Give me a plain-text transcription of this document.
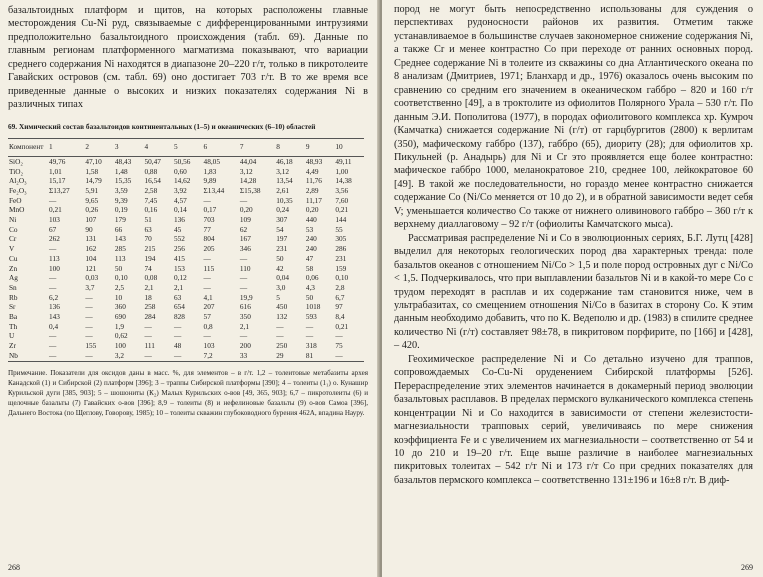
базальтоидных платформ и щитов, на которых расположены главные месторождения Cu-Ni руд, связываемые с дифференцированными интрузиями предположительно базальтоидного происхождения (табл. 69). Данные по главным регионам платформенного магматизма показывают, что вариации среднего содержания Ni находятся в диапазоне 20–220 г/т, только в пикротолеите Гавайских островов (см. табл. 69) оно достигает 703 г/т. В то же время все приведенные данные о высоких и низких показателях содержания Ni в различных типах

69. Химический состав базальтоидов континентальных (1–5) и океанических (6–10) областей
Компонент	1	2	3	4	5	6	7	8	9	10
SiO₂	49,76	47,10	48,43	50,47	50,56	48,05	44,04	46,18	48,93	49,11
TiO₂	1,01	1,58	1,48	0,88	0,60	1,83	3,12	3,12	4,49	1,00
Al₂O₃	15,17	14,79	15,35	16,54	14,62	9,89	14,28	13,54	11,76	14,38
Fe₂O₃	Σ13,27	5,91	3,59	2,58	3,92	Σ13,44	Σ15,38	2,61	2,89	3,56
FeO	—	9,65	9,39	7,45	4,57	—	—	10,35	11,17	7,60
MnO	0,21	0,26	0,19	0,16	0,14	0,17	0,20	0,24	0,20	0,21
Ni	103	107	179	51	136	703	109	307	440	144
Co	67	90	66	63	45	77	62	54	53	55
Cr	262	131	143	70	552	804	167	197	240	305
V	—	162	285	215	256	205	346	231	240	286
Cu	113	104	113	194	415	—	—	50	47	231
Zn	100	121	50	74	153	115	110	42	58	159
Ag	—	0,03	0,10	0,08	0,12	—	—	0,04	0,06	0,10
Sn	—	3,7	2,5	2,1	2,1	—	—	3,0	4,3	2,8
Rb	6,2	—	10	18	63	4,1	19,9	5	50	6,7
Sr	136	—	360	258	654	207	616	450	1018	97
Ba	143	—	690	284	828	57	350	132	593	8,4
Th	0,4	—	1,9	—	—	0,8	2,1	—	—	0,21
U	—	—	0,62	—	—	—	—	—	—	—
Zr	—	155	100	111	48	103	200	250	318	75
Nb	—	—	3,2	—	—	7,2	33	29	81	—

Примечание. Показатели для оксидов даны в масс. %, для элементов – в г/т. 1,2 – толеитовые метабазиты архея Канадской (1) и Сибирской (2) платформ [396]; 3 – траппы Сибирской платформы [390]; 4 – толеиты (1₁) о. Кунашир Курильской дуги [385, 903]; 5 – шошониты (К₂) Малых Курильских о-вов [49, 365, 903]; 6,7 – пикротолеиты (6) и щелочные базальты (7) Гавайских о-вов [396]; 8,9 – толеиты (8) и нефелиновые базальты (9) о-вов Самоа [396], Дальнего Востока (по Щеглову, Говорову, 1985); 10 – толеиты скважин глубоководного бурения 462А, впадина Науру.

268

пород не могут быть непосредственно использованы для суждения о перспективах рудоносности районов их развития. Отметим также устанавливаемое в большинстве случаев закономерное снижение содержания Ni, а также Cr и менее контрастно Co при переходе от ранних основных пород. Среднее содержание Ni в толеите из скважины со дна Атлантического океана по 8 анализам (Дмитриев, 1971; Бланхард и др., 1976) оказалось очень высоким по сравнению со средним его значением в океаническом габбро – 820 и 160 г/т соответственно [49], а в троктолите из офиолитов Полярного Урала – 530 г/т. По данным Э.И. Пополитова (1977), в породах офиолитового комплекса хр. Кумроч (Камчатка) снижается содержание Ni (г/т) от гарцбургитов (2800) к верлитам (350), мафическому габбро (137), габбро (65), диориту (28); для офиолитов хр. Пикульней (р. Анадырь) для Ni и Cr это проявляется еще более контрастно: мафическое габбро 1000, меланократовое 210, среднее 100, лейкократовое 60 [49]. В такой же последовательности, но гораздо менее контрастно снижается содержание Co (Ni/Co меняется от 10 до 2), и в обратной зависимости ведет себя V; уменьшается количество Co также от нижнего оливинового габбро – 360 г/т к верхнему диаллаговому – 92 г/т (офиолиты Камчатского мыса).
Рассматривая распределение Ni и Co в эволюционных сериях, Б.Г. Лутц [428] выделил для некоторых геологических пород два характерных тренда: поле базальтов океанов с отношением Ni/Co > 1,5 и поле пород островных дуг с Ni/Co < 1,5. Подчеркивалось, что при выплавлении базальтов Ni и в какой-то мере Co с трудом переходят в расплав и их содержание там становится ниже, чем в ультрабазитах, со смещением отношения Ni/Co в базитах в сторону Co. К этим данным необходимо добавить, что по К. Ведеполю и др. (1983) в спилите среднее количество Ni (г/т) составляет 98±78, в пикритовом порфирите, по [166] и [428], – 420.
Геохимическое распределение Ni и Co детально изучено для траппов, сопровождаемых Co-Cu-Ni оруденением Сибирской платформы [526]. Перераспределение этих элементов начинается в докамерный период эволюции базальтовых расплавов. В пределах пермского вулканического комплекса степень концентрации Ni и Co находится в зависимости от степени железистости-магнезиальности трапповых серий, увеличиваясь по мере снижения коэффициента Fe и с увеличением их магнезиальности – соответственно от 54 и 10 до 210 и 19–20 г/т. Еще выше различие в наиболее магнезиальных пикритовых толеитах – 542 г/т Ni и 173 г/т Co при средних показателях для базальтов пермского комплекса – соответственно 131±196 и 16±8 г/т. В диф-

269
